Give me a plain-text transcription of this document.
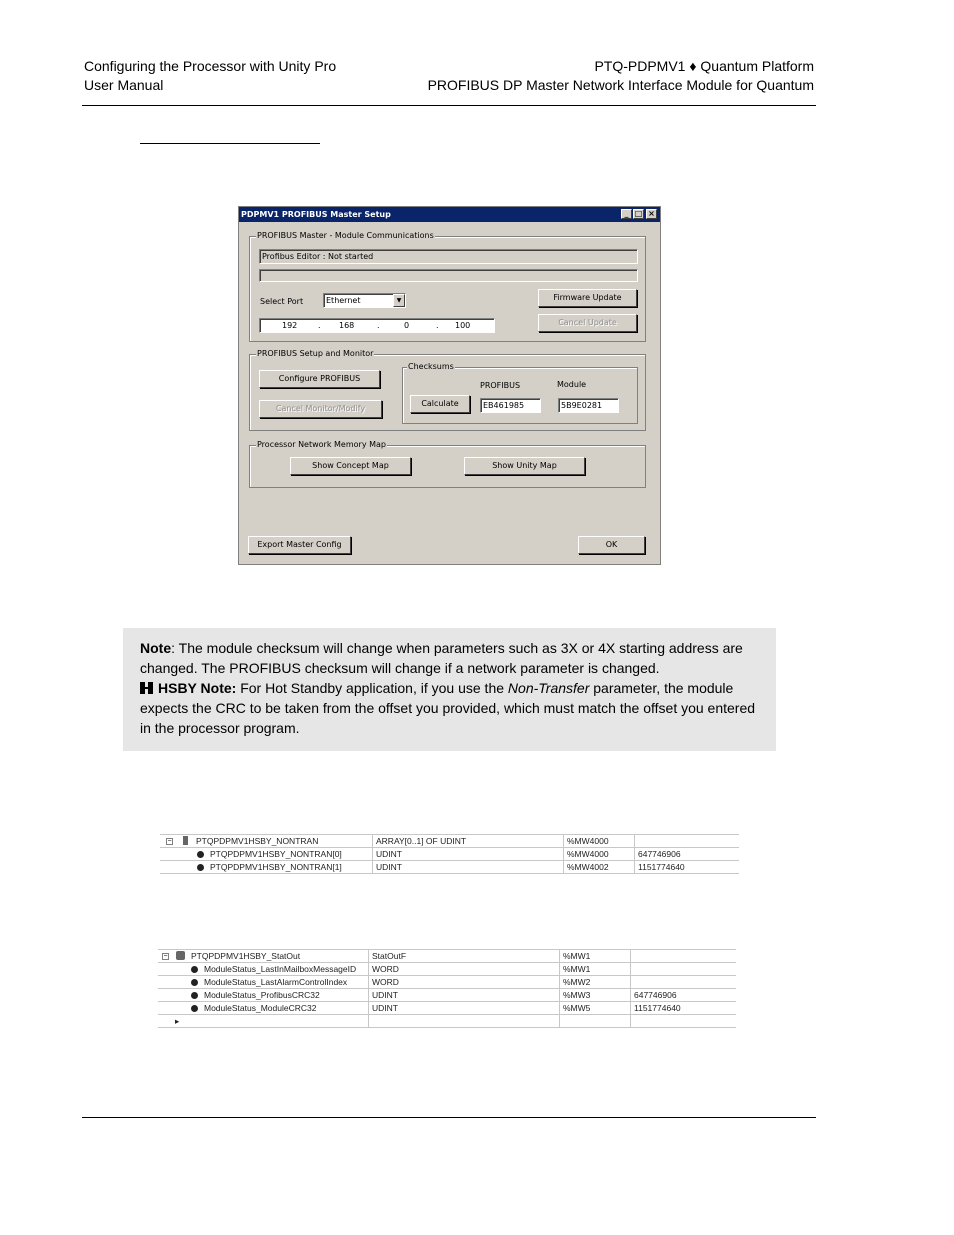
Configuring the Processor with Unity Pro
User Manual
PTQ-PDPMV1 ♦ Quantum Platform
PROFIBUS DP Master Network Interface Module for Quantum
PDPMV1 PROFIBUS Master Setup	_ □ ×
PROFIBUS Master - Module Communications
Profibus Editor : Not started
Select Port	Ethernet	▼
192	. 168	.	0	. 100
Firmware Update
Cancel Update
PROFIBUS Setup and Monitor
Configure PROFIBUS
Cancel Monitor/Modify
Checksums
PROFIBUS	Module
Calculate	EB461985	5B9E0281
Processor Network Memory Map
Show Concept Map	Show Unity Map
Export Master Config	OK
Note: The module checksum will change when parameters such as 3X or 4X starting address are changed. The PROFIBUS checksum will change if a network parameter is changed.
HSBY Note: For Hot Standby application, if you use the Non-Transfer parameter, the module expects the CRC to be taken from the offset you provided, which must match the offset you entered in the processor program.
−	PTQPDPMV1HSBY_NONTRAN	ARRAY[0..1] OF UDINT	%MW4000
PTQPDPMV1HSBY_NONTRAN[0]	UDINT	%MW4000	647746906
PTQPDPMV1HSBY_NONTRAN[1]	UDINT	%MW4002	1151774640
−	PTQPDPMV1HSBY_StatOut	StatOutF	%MW1
ModuleStatus_LastInMailboxMessageID	WORD	%MW1
ModuleStatus_LastAlarmControlIndex	WORD	%MW2
ModuleStatus_ProfibusCRC32	UDINT	%MW3	647746906
ModuleStatus_ModuleCRC32	UDINT	%MW5	1151774640
▸
